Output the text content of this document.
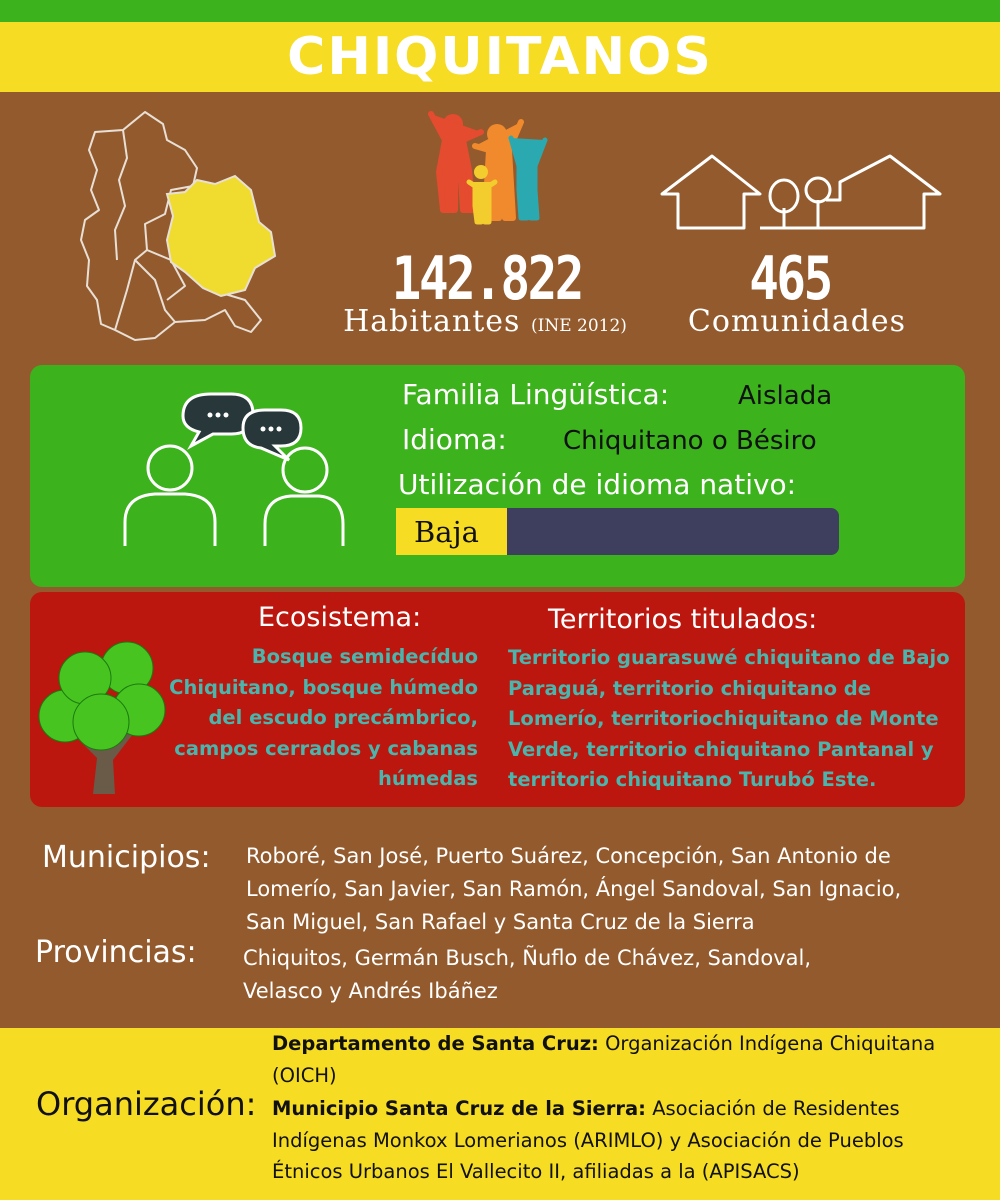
CHIQUITANOS
142.822
Habitantes (INE 2012)
465
Comunidades
Familia Lingüística:	Aislada
Idioma: Chiquitano o Bésiro
Utilización de idioma nativo:
Baja
Ecosistema:
Bosque semidecíduo
Chiquitano, bosque húmedo
del escudo precámbrico,
campos cerrados y cabanas
húmedas
Territorios titulados:
Territorio guarasuwé chiquitano de Bajo
Paraguá, territorio chiquitano de
Lomerío, territoriochiquitano de Monte
Verde, territorio chiquitano Pantanal y
territorio chiquitano Turubó Este.
Municipios: Roboré, San José, Puerto Suárez, Concepción, San Antonio de
Lomerío, San Javier, San Ramón, Ángel Sandoval, San Ignacio,
San Miguel, San Rafael y Santa Cruz de la Sierra
Provincias: Chiquitos, Germán Busch, Ñuflo de Chávez, Sandoval,
Velasco y Andrés Ibáñez
Organización:
Departamento de Santa Cruz: Organización Indígena Chiquitana
(OICH)
Municipio Santa Cruz de la Sierra: Asociación de Residentes
Indígenas Monkox Lomerianos (ARIMLO) y Asociación de Pueblos
Étnicos Urbanos El Vallecito II, afiliadas a la (APISACS)
